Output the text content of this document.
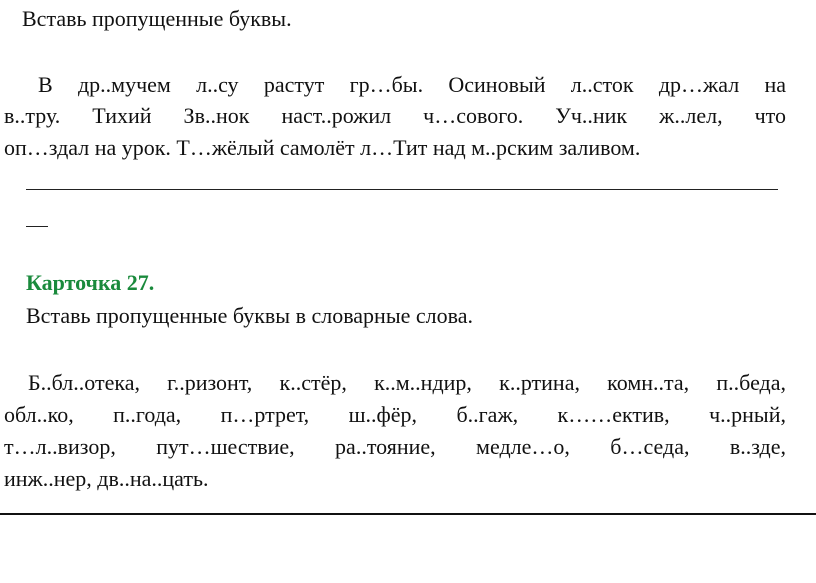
Вставь пропущенные буквы.
В др..мучем л..су растут гр…бы. Осиновый л..сток др…жал на
в..тру. Тихий Зв..нок наст..рожил ч…сового. Уч..ник ж..лел, что
оп…здал на урок. Т…жёлый самолёт л…Тит над м..рским заливом.
Карточка 27.
Вставь пропущенные буквы в словарные слова.
Б..бл..отека, г..ризонт, к..стёр, к..м..ндир, к..ртина, комн..та, п..беда,
обл..ко, п..года, п…ртрет, ш..фёр, б..гаж, к……ектив, ч..рный,
т…л..визор, пут…шествие, ра..тояние, медле…о, б…седа, в..зде,
инж..нер, дв..на..цать.
